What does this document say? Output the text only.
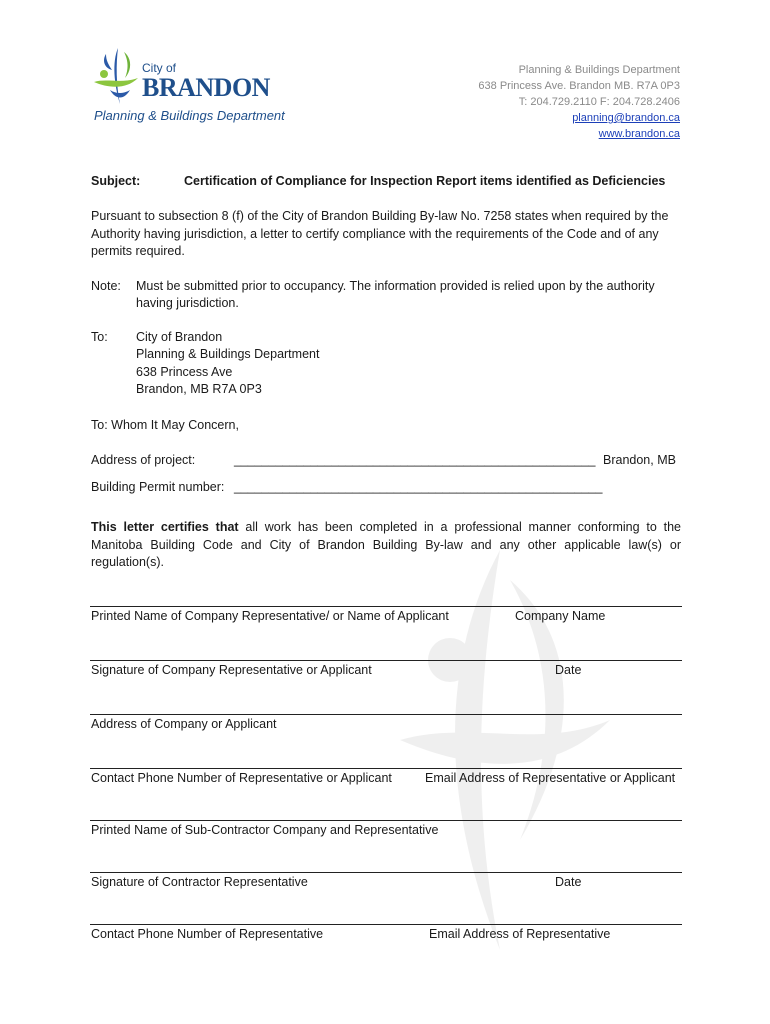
City of
BRANDON
Planning & Buildings Department
Planning & Buildings Department
638 Princess Ave. Brandon MB. R7A 0P3
T: 204.729.2110 F: 204.728.2406
planning@brandon.ca
www.brandon.ca
Subject:	Certification of Compliance for Inspection Report items identified as Deficiencies
Pursuant to subsection 8 (f) of the City of Brandon Building By-law No. 7258 states when required by the Authority having jurisdiction, a letter to certify compliance with the requirements of the Code and of any permits required.
Note: Must be submitted prior to occupancy. The information provided is relied upon by the authority
having jurisdiction.
To: City of Brandon
Planning & Buildings Department
638 Princess Ave
Brandon, MB R7A 0P3
To: Whom It May Concern,
Address of project:	____________________________________________________ Brandon, MB
Building Permit number: _____________________________________________________
This letter certifies that all work has been completed in a professional manner conforming to the Manitoba Building Code and City of Brandon Building By-law and any other applicable law(s) or regulation(s).
Printed Name of Company Representative/ or Name of Applicant	Company Name
Signature of Company Representative or Applicant	Date
Address of Company or Applicant
Contact Phone Number of Representative or Applicant	Email Address of Representative or Applicant
Printed Name of Sub-Contractor Company and Representative
Signature of Contractor Representative	Date
Contact Phone Number of Representative	Email Address of Representative
